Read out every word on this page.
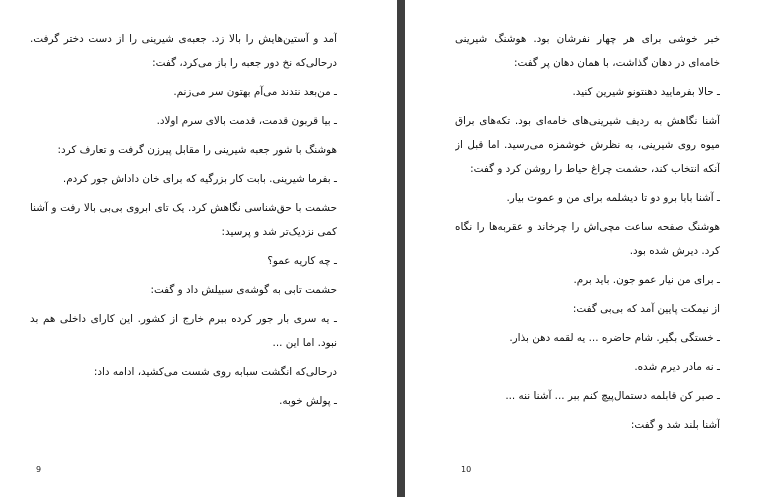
آمد و آستین‌هایش را بالا زد. جعبه‌ی شیرینی را از دست دختر گرفت. درحالی‌که نخ دور جعبه را باز می‌کرد، گفت:

ـ من‌بعد نتدند می‌آم بهتون سر می‌زنم.

ـ بیا قربون قدمت، قدمت بالای سرم اولاد.

هوشنگ با شور جعبه شیرینی را مقابل پیرزن گرفت و تعارف کرد:

ـ بفرما شیرینی. بابت کار بزرگیه که برای خان داداش جور کردم.

حشمت با حق‌شناسی نگاهش کرد. یک تای ابروی بی‌بی بالا رفت و آشنا کمی نزدیک‌تر شد و پرسید:

ـ چه کاریه عمو؟

حشمت تابی به گوشه‌ی سبیلش داد و گفت:

ـ یه سری بار جور کرده ببرم خارج از کشور. این کارای داخلی هم بد نبود. اما این ...

درحالی‌که انگشت سبابه روی شست می‌کشید، ادامه داد:

ـ پولش خوبه.

9

خبر خوشی برای هر چهار نفرشان بود. هوشنگ شیرینی خامه‌ای در دهان گذاشت، با همان دهان پر گفت:

ـ حالا بفرمایید دهنتونو شیرین کنید.

آشنا نگاهش به ردیف شیرینی‌های خامه‌ای بود. تکه‌های براق میوه روی شیرینی، به نظرش خوشمزه می‌رسید. اما قبل از آنکه انتخاب کند، حشمت چراغ حیاط را روشن کرد و گفت:

ـ آشنا بابا برو دو تا دیشلمه برای من و عموت بیار.

هوشنگ صفحه ساعت مچی‌اش را چرخاند و عقربه‌ها را نگاه کرد. دیرش شده بود.

ـ برای من نیار عمو جون. باید برم.

از نیمکت پایین آمد که بی‌بی گفت:

ـ خستگی بگیر. شام حاضره ... یه لقمه دهن بذار.

ـ نه مادر دیرم شده.

ـ صبر کن قابلمه دستمال‌پیچ کنم ببر ... آشنا ننه ...

آشنا بلند شد و گفت:

10
